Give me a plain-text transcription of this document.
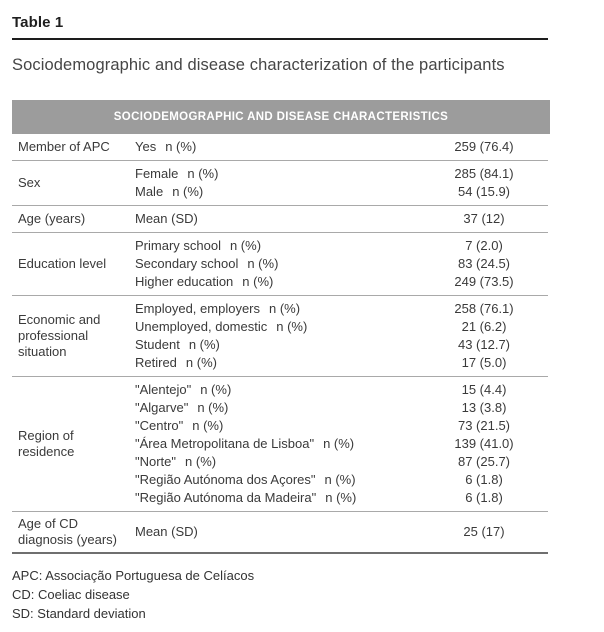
Table 1
Sociodemographic and disease characterization of the participants
SOCIODEMOGRAPHIC AND DISEASE CHARACTERISTICS
Member of APC	Yes n (%)	259 (76.4)
Sex
Female n (%)	285 (84.1)
Male n (%)	54 (15.9)
Age (years)	Mean (SD)	37 (12)
Education level
Primary school n (%)	7 (2.0)
Secondary school n (%)	83 (24.5)
Higher education n (%)	249 (73.5)
Economic and professional situation
Employed, employers n (%)	258 (76.1)
Unemployed, domestic n (%)	21 (6.2)
Student n (%)	43 (12.7)
Retired n (%)	17 (5.0)
Region of residence
"Alentejo" n (%)	15 (4.4)
"Algarve" n (%)	13 (3.8)
"Centro" n (%)	73 (21.5)
"Área Metropolitana de Lisboa" n (%)	139 (41.0)
"Norte" n (%)	87 (25.7)
"Região Autónoma dos Açores" n (%)	6 (1.8)
"Região Autónoma da Madeira" n (%)	6 (1.8)
Age of CD diagnosis (years)
Mean (SD)	25 (17)
APC: Associação Portuguesa de Celíacos
CD: Coeliac disease
SD: Standard deviation
